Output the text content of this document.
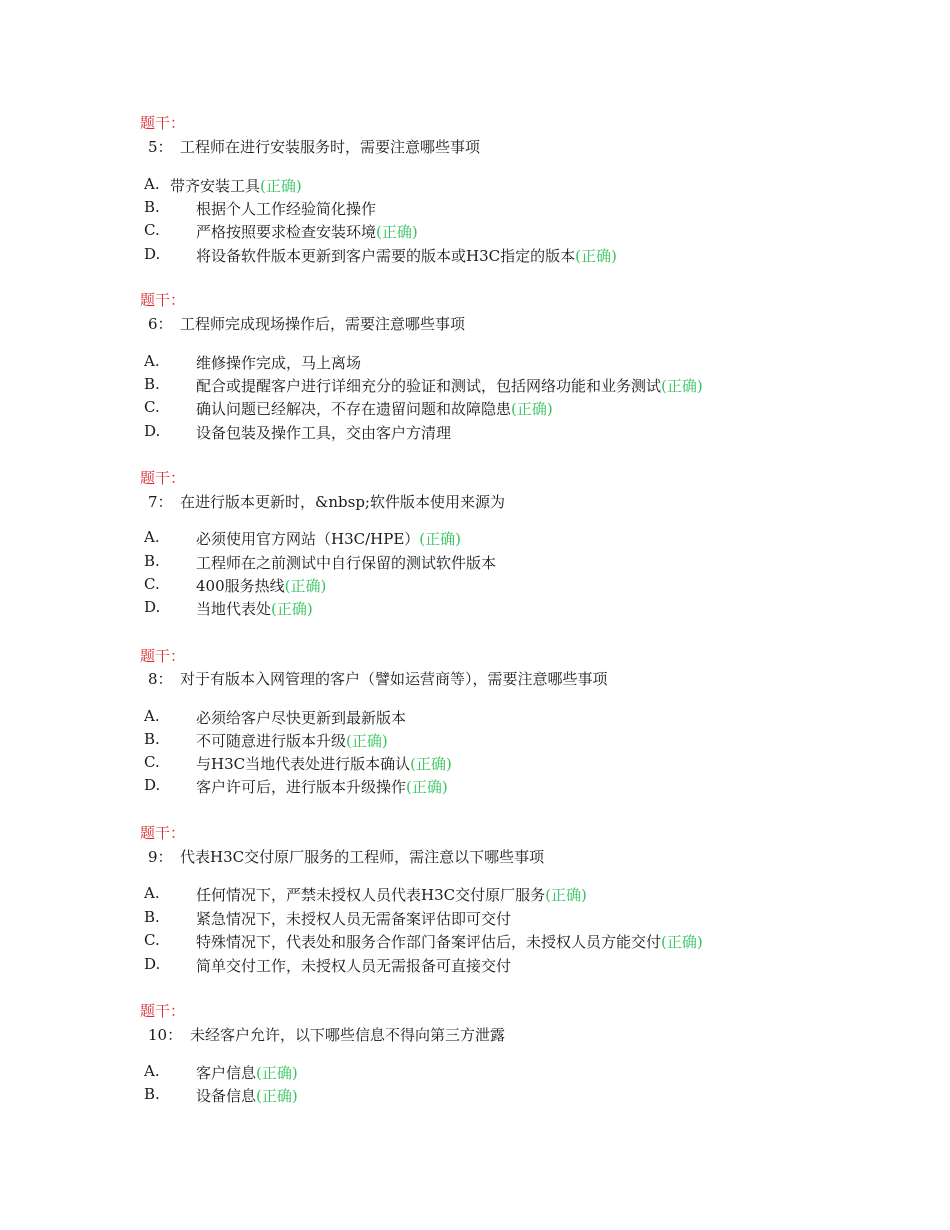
题干：
5： 工程师在进行安装服务时，需要注意哪些事项
A. 带齐安装工具(正确)
B. 根据个人工作经验简化操作
C. 严格按照要求检查安装环境(正确)
D. 将设备软件版本更新到客户需要的版本或H3C指定的版本(正确)
题干：
6： 工程师完成现场操作后，需要注意哪些事项
A. 维修操作完成，马上离场
B. 配合或提醒客户进行详细充分的验证和测试，包括网络功能和业务测试(正确)
C. 确认问题已经解决，不存在遗留问题和故障隐患(正确)
D. 设备包装及操作工具，交由客户方清理
题干：
7： 在进行版本更新时，&nbsp;软件版本使用来源为
A. 必须使用官方网站（H3C/HPE）(正确)
B. 工程师在之前测试中自行保留的测试软件版本
C. 400服务热线(正确)
D. 当地代表处(正确)
题干：
8： 对于有版本入网管理的客户（譬如运营商等），需要注意哪些事项
A. 必须给客户尽快更新到最新版本
B. 不可随意进行版本升级(正确)
C. 与H3C当地代表处进行版本确认(正确)
D. 客户许可后，进行版本升级操作(正确)
题干：
9： 代表H3C交付原厂服务的工程师，需注意以下哪些事项
A. 任何情况下，严禁未授权人员代表H3C交付原厂服务(正确)
B. 紧急情况下，未授权人员无需备案评估即可交付
C. 特殊情况下，代表处和服务合作部门备案评估后，未授权人员方能交付(正确)
D. 简单交付工作，未授权人员无需报备可直接交付
题干：
10： 未经客户允许，以下哪些信息不得向第三方泄露
A. 客户信息(正确)
B. 设备信息(正确)
